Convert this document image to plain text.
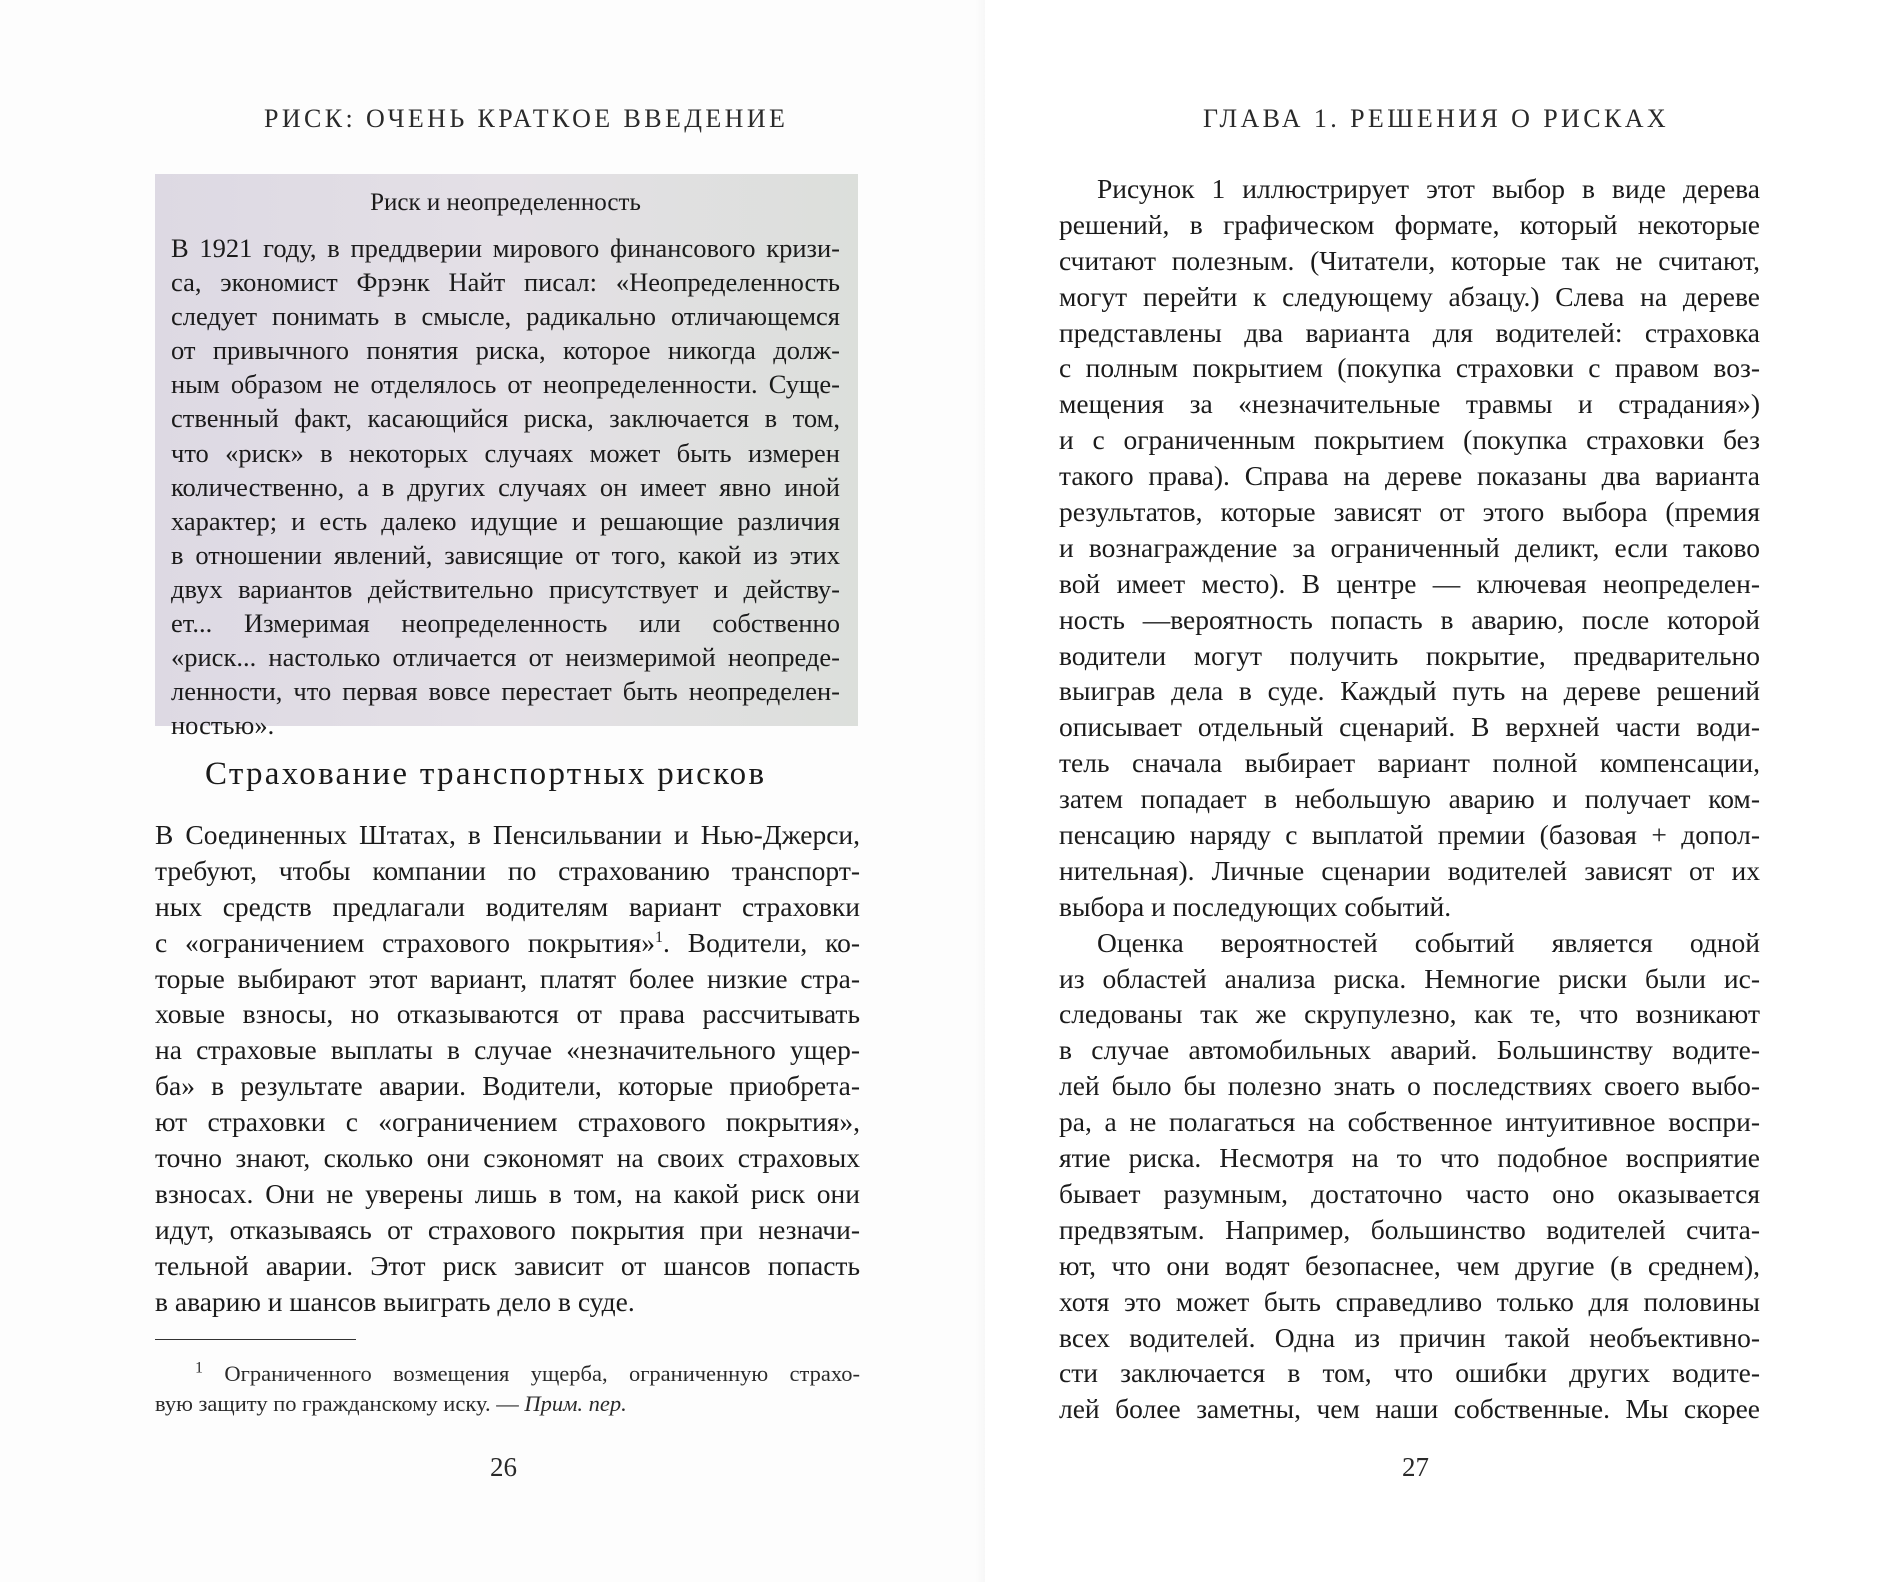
РИСК: ОЧЕНЬ КРАТКОЕ ВВЕДЕНИЕ
Риск и неопределенность
В 1921 году, в преддверии мирового финансового кризи-
са, экономист Фрэнк Найт писал: «Неопределенность
следует понимать в смысле, радикально отличающемся
от привычного понятия риска, которое никогда долж-
ным образом не отделялось от неопределенности. Суще-
ственный факт, касающийся риска, заключается в том,
что «риск» в некоторых случаях может быть измерен
количественно, а в других случаях он имеет явно иной
характер; и есть далеко идущие и решающие различия
в отношении явлений, зависящие от того, какой из этих
двух вариантов действительно присутствует и действу-
ет... Измеримая неопределенность или собственно
«риск... настолько отличается от неизмеримой неопреде-
ленности, что первая вовсе перестает быть неопределен-
ностью».
Страхование транспортных рисков
В Соединенных Штатах, в Пенсильвании и Нью-Джерси,
требуют, чтобы компании по страхованию транспорт-
ных средств предлагали водителям вариант страховки
с «ограничением страхового покрытия»$^1$. Водители, ко-
торые выбирают этот вариант, платят более низкие стра-
ховые взносы, но отказываются от права рассчитывать
на страховые выплаты в случае «незначительного ущер-
ба» в результате аварии. Водители, которые приобрета-
ют страховки с «ограничением страхового покрытия»,
точно знают, сколько они сэкономят на своих страховых
взносах. Они не уверены лишь в том, на какой риск они
идут, отказываясь от страхового покрытия при незначи-
тельной аварии. Этот риск зависит от шансов попасть
в аварию и шансов выиграть дело в суде.
$^1$ Ограниченного возмещения ущерба, ограниченную страхо-
вую защиту по гражданскому иску. — Прим. пер.
26
ГЛАВА 1. РЕШЕНИЯ О РИСКАХ
Рисунок 1 иллюстрирует этот выбор в виде дерева
решений, в графическом формате, который некоторые
считают полезным. (Читатели, которые так не считают,
могут перейти к следующему абзацу.) Слева на дереве
представлены два варианта для водителей: страховка
с полным покрытием (покупка страховки с правом воз-
мещения за «незначительные травмы и страдания»)
и с ограниченным покрытием (покупка страховки без
такого права). Справа на дереве показаны два варианта
результатов, которые зависят от этого выбора (премия
и вознаграждение за ограниченный деликт, если таково
вой имеет место). В центре — ключевая неопределен-
ность —вероятность попасть в аварию, после которой
водители могут получить покрытие, предварительно
выиграв дела в суде. Каждый путь на дереве решений
описывает отдельный сценарий. В верхней части води-
тель сначала выбирает вариант полной компенсации,
затем попадает в небольшую аварию и получает ком-
пенсацию наряду с выплатой премии (базовая + допол-
нительная). Личные сценарии водителей зависят от их
выбора и последующих событий.
Оценка вероятностей событий является одной
из областей анализа риска. Немногие риски были ис-
следованы так же скрупулезно, как те, что возникают
в случае автомобильных аварий. Большинству водите-
лей было бы полезно знать о последствиях своего выбо-
ра, а не полагаться на собственное интуитивное воспри-
ятие риска. Несмотря на то что подобное восприятие
бывает разумным, достаточно часто оно оказывается
предвзятым. Например, большинство водителей счита-
ют, что они водят безопаснее, чем другие (в среднем),
хотя это может быть справедливо только для половины
всех водителей. Одна из причин такой необъективно-
сти заключается в том, что ошибки других водите-
лей более заметны, чем наши собственные. Мы скорее
27
